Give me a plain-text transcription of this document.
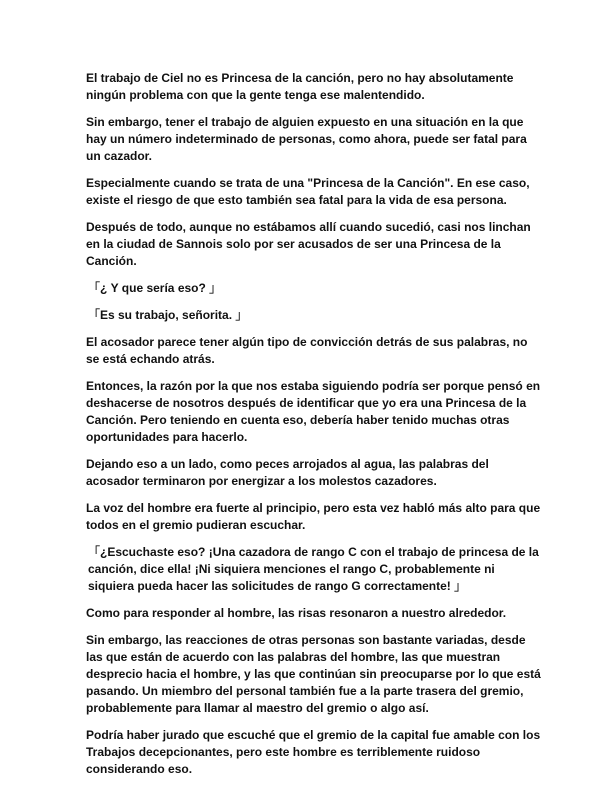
El trabajo de Ciel no es Princesa de la canción, pero no hay absolutamente ningún problema con que la gente tenga ese malentendido.

Sin embargo, tener el trabajo de alguien expuesto en una situación en la que hay un número indeterminado de personas, como ahora, puede ser fatal para un cazador.

Especialmente cuando se trata de una "Princesa de la Canción". En ese caso, existe el riesgo de que esto también sea fatal para la vida de esa persona.

Después de todo, aunque no estábamos allí cuando sucedió, casi nos linchan en la ciudad de Sannois solo por ser acusados de ser una Princesa de la Canción.

「¿ Y que sería eso? 」

「Es su trabajo, señorita. 」

El acosador parece tener algún tipo de convicción detrás de sus palabras, no se está echando atrás.

Entonces, la razón por la que nos estaba siguiendo podría ser porque pensó en deshacerse de nosotros después de identificar que yo era una Princesa de la Canción. Pero teniendo en cuenta eso, debería haber tenido muchas otras oportunidades para hacerlo.

Dejando eso a un lado, como peces arrojados al agua, las palabras del acosador terminaron por energizar a los molestos cazadores.

La voz del hombre era fuerte al principio, pero esta vez habló más alto para que todos en el gremio pudieran escuchar.

「¿Escuchaste eso? ¡Una cazadora de rango C con el trabajo de princesa de la canción, dice ella! ¡Ni siquiera menciones el rango C, probablemente ni siquiera pueda hacer las solicitudes de rango G correctamente! 」

Como para responder al hombre, las risas resonaron a nuestro alrededor.

Sin embargo, las reacciones de otras personas son bastante variadas, desde las que están de acuerdo con las palabras del hombre, las que muestran desprecio hacia el hombre, y las que continúan sin preocuparse por lo que está pasando. Un miembro del personal también fue a la parte trasera del gremio, probablemente para llamar al maestro del gremio o algo así.

Podría haber jurado que escuché que el gremio de la capital fue amable con los Trabajos decepcionantes, pero este hombre es terriblemente ruidoso considerando eso.
